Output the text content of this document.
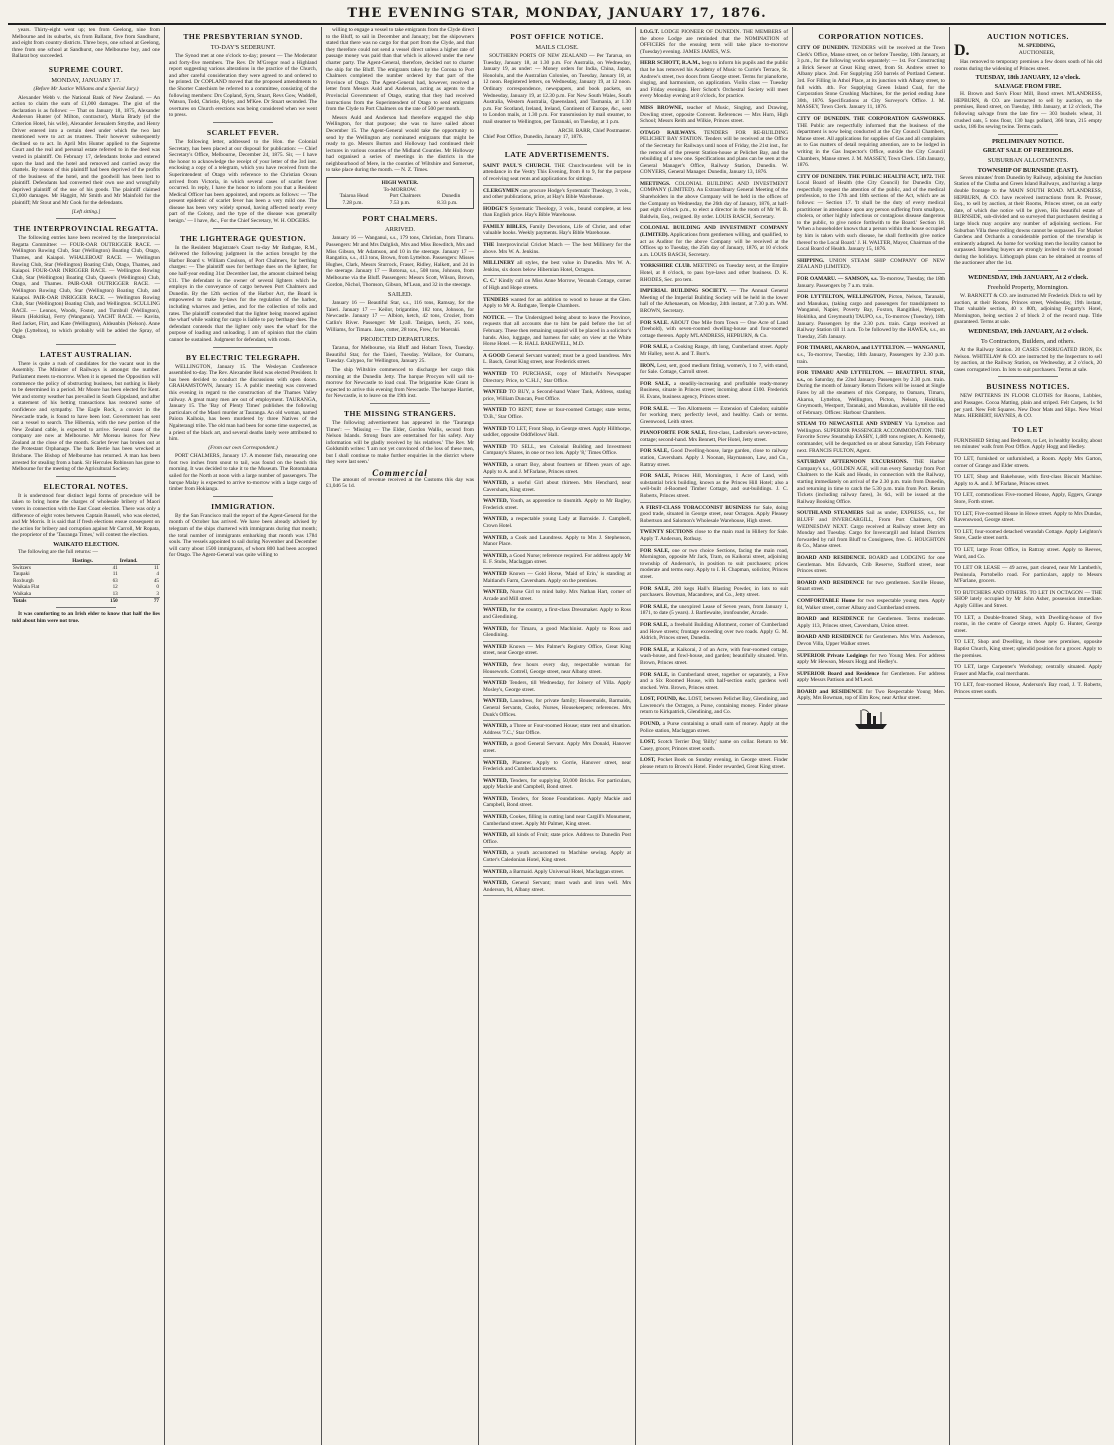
THE EVENING STAR, MONDAY, JANUARY 17, 1876.

years. Thirty-eight went up; ten from Geelong, nine from Melbourne and its suburbs, six from Ballarat, five from Sandhurst, and eight from country districts. Three boys, one school at Geelong, three from one school at Sandhurst, one Melbourne boy, and one Ballarat boy succeeded.

SUPREME COURT.
MONDAY, JANUARY 17.
(Before Mr Justice Williams and a Special Jury.)

Alexander Webb v. the National Bank of New Zealand. — An action to claim the sum of £1,000 damages. The gist of the declaration is as follows: — That on January 18, 1875, Alexander Anderson Hunter (of Milton, contractor), Maria Brady (of the Criterion Hotel, his wife), Alexander Jerusalem Smythe, and Henry Driver entered into a certain deed under which the two last mentioned were to act as trustees. Their however subsequently declined so to act. In April Mrs Hunter applied to the Supreme Court and the real and personal estate referred to in the deed was vested in plaintiff. On February 17, defendants broke and entered upon the land and the hotel and removed and carried away the chattels. By reason of this plaintiff had been deprived of the profits of the business of the hotel, and the goodwill has been lost to plaintiff. Defendants had converted their own use and wrongfully deprived plaintiff of the use of his goods. The plaintiff claimed £1,000 damages. Mr Haggitt, Mr Smith and Mr Mainfold for the plaintiff; Mr Stout and Mr Cook for the defendants.

[Left sitting.]
THE INTERPROVINCIAL REGATTA.

The following entries have been received by the Interprovincial Regatta Committee: — FOUR-OAR OUTRIGGER RACE. — Wellington Rowing Club, Star (Wellington) Boating Club, Otago, Thames, and Kaiapoi. WHALEBOAT RACE. — Wellington Rowing Club, Star (Wellington) Boating Club, Otago, Thames, and Kaiapoi. FOUR-OAR INRIGGER RACE. — Wellington Rowing Club, Star (Wellington) Boating Club, Queen's (Wellington) Club, Otago, and Thames. PAIR-OAR OUTRIGGER RACE. — Wellington Rowing Club, Star (Wellington) Boating Club, and Kaiapoi. PAIR-OAR INRIGGER RACE. — Wellington Rowing Club, Star (Wellington) Boating Club, and Wellington. SCULLING RACE. — Lennox, Woods, Foster, and Turnbull (Wellington), Hearn (Hokitika), Ferry (Wanganui). YACHT RACE. — Kavita, Red Jacket, Flirt, and Kate (Wellington), Aldeanbin (Nelson). Anne Ogle (Lyttelton), to which probably will be added the Spray, of Otago.

LATEST AUSTRALIAN.

There is quite a rush of candidates for the vacant seat in the Assembly. The Minister of Railways is amongst the number. Parliament meets to-morrow. When it is opened the Opposition will commence the policy of obstructing business, but nothing is likely to be determined in a period. Mr Moore has been elected for Kent. Wet and stormy weather has prevailed in South Gippsland, and after a statement of his betting transactions has restored some of confidence and sympathy. The Eagle Rock, a convict in the Newcastle trade, is found to have been lost. Government has sent out a vessel to search. The Hibernia, with the new portion of the New Zealand cable, is expected to arrive. Several cases of the company are now at Melbourne. Mr Moreau leaves for New Zealand at the close of the month. Scarlet fever has broken out at the Protestant Orphanage. The bark Bertie has been wrecked at Brisbane. The Bishop of Melbourne has returned. A man has been arrested for stealing from a bank. Sir Hercules Robinson has gone to Melbourne for the meeting of the Agricultural Society.

ELECTORAL NOTES.

It is understood four distinct legal forms of procedure will be taken to bring home the charges of wholesale bribery of Maori voters in connection with the East Coast election. There was only a difference of eight votes between Captain Russell, who was elected, and Mr Morris. It is said that if fresh elections ensue consequent on the action for bribery and corruption against Mr Carroll, Mr Ropata, the proprietor of the 'Tauranga Times,' will contest the election.

WAIKATO ELECTION.

The following are the full returns: —

	Hastings.	Ireland.
Switzers	41	11
Taupaki	11	4
Roxburgh	63	45
Waikaia Flat	12	0
Waikaka	13	3
Totals	150	77

It was comforting to an Irish elder to know that half the lies told about him were not true.

THE PRESBYTERIAN SYNOD.
TO-DAY'S SEDERUNT.

The Synod met at one o'clock to-day; present — The Moderator and forty-five members. The Rev. Dr M'Gregor read a Highland report suggesting various alterations in the practice of the Church, and after careful consideration they were agreed to and ordered to be printed. Dr COPLAND moved that the proposed amendments to the Shorter Catechism be referred to a committee, consisting of the following members: Drs Copland, Sym, Stuart, Revs Gow, Waddell, Watson, Todd, Christie, Ryley, and M'Kee. Dr Stuart seconded. The overtures on Church erections was being considered when we went to press.

SCARLET FEVER.

The following letter, addressed to the Hon. the Colonial Secretary, has been placed at our disposal for publication: — Chief Secretary's Office, Melbourne, December 24, 1875. Sir, — I have the honor to acknowledge the receipt of your letter of the 3rd inst. enclosing a copy of a telegram, which you have received from the Superintendent of Otago with reference to the Christian Ocean arrived from Victoria, in which several cases of scarlet fever occurred. In reply, I have the honor to inform you that a Resident Medical Officer has been appointed, and reports as follows: — 'The present epidemic of scarlet fever has been a very mild one. The disease has been very widely spread, having affected nearly every part of the Colony, and the type of the disease was generally benign.' — I have, &c., For the Chief Secretary, W. H. ODGERS.

THE LIGHTERAGE QUESTION.

In the Resident Magistrate's Court to-day Mr Bathgate, R.M., delivered the following judgment in the action brought by the Harbor Board v. William Coulson, of Port Chalmers, for berthing charges: — The plaintiff sues for berthage dues on the lighter, for one half-year ending 31st December last, the amount claimed being £11. The defendant is the owner of several lighters which he employs in the conveyance of cargo between Port Chalmers and Dunedin. By the 12th section of the Harbor Act, the Board is empowered to make by-laws for the regulation of the harbor, including wharves and jetties, and for the collection of tolls and rates. The plaintiff contended that the lighter being moored against the wharf while waiting for cargo is liable to pay berthage dues. The defendant contends that the lighter only uses the wharf for the purpose of loading and unloading. I am of opinion that the claim cannot be sustained. Judgment for defendant, with costs.

BY ELECTRIC TELEGRAPH.

WELLINGTON, January 15. The Wesleyan Conference assembled to-day. The Rev. Alexander Reid was elected President. It has been decided to conduct the discussions with open doors. GRAHAMSTOWN, January 15. A public meeting was convened this evening in regard to the construction of the Thames Valley railway. A great many men are out of employment. TAURANGA, January 15. The 'Bay of Plenty Times' publishes the following particulars of the Maori murder at Tauranga. An old woman, named Paiora Kaihoia, has been murdered by three Natives of the Ngaiterangi tribe. The old man had been for some time suspected, as a priest of the black art, and several deaths lately were attributed to him.

(From our own Correspondent.)

PORT CHALMERS, January 17. A monster fish, measuring one foot two inches from snout to tail, was found on the beach this morning. It was decided to take it to the Museum. The Rotomahana sailed for the North at noon with a large number of passengers. The barque Malay is expected to arrive to-morrow with a large cargo of timber from Hokianga.

IMMIGRATION.

By the San Francisco mail the report of the Agent-General for the month of October has arrived. We have been already advised by telegram of the ships chartered with immigrants during that month; the total number of immigrants embarking that month was 1784 souls. The vessels appointed to sail during November and December will carry about 1500 immigrants, of whom 800 had been accepted for Otago. The Agent-General was quite willing to

willing to engage a vessel to take emigrants from the Clyde direct to the Bluff, to sail in December and January; but the shipowners stated that there was no cargo for that port from the Clyde, and that they therefore could not send a vessel direct unless a higher rate of passage money was paid than that which is allowed under the new charter party. The Agent-General, therefore, decided not to charter the ship for the Bluff. The emigrants taken by the Corona to Port Chalmers completed the number ordered by that part of the Province of Otago. The Agent-General had, however, received a letter from Messrs Auld and Anderson, acting as agents to the Provincial Government of Otago, stating that they had received instructions from the Superintendent of Otago to send emigrants from the Clyde to Port Chalmers on the rate of 500 per month.

Messrs Auld and Anderson had therefore engaged the ship Wellington, for that purpose; she was to have sailed about December 15. The Agent-General would take the opportunity to send by the Wellington any nominated emigrants that might be ready to go. Messrs Burton and Holloway had continued their lectures in various counties of the Midland Counties. Mr Holloway had organised a series of meetings in the districts in the neighbourhood of Mere, in the counties of Wiltshire and Somerset, to take place during the month. — N. Z. Times.

HIGH WATER.
To-MORROW.
Taiaroa Head	Port Chalmers	Dunedin
7.28 p.m.	7.53 p.m.	8.33 p.m.
PORT CHALMERS.
ARRIVED.

January 16 — Wanganui, s.s., 179 tons, Christian, from Timaru. Passengers: Mr and Mrs Dalglish, Mrs and Miss Bowditch, Mrs and Miss Gibson, Mr Adamson, and 10 in the steerage. January 17 — Rangatira, s.s., 413 tons, Brown, from Lyttelton. Passengers: Misses Hughes, Clark, Messrs Sturrock, Fraser, Ridley, Halkett, and 24 in the steerage. January 17 — Rotorua, s.s., 508 tons, Johnson, from Melbourne via the Bluff. Passengers: Messrs Scott, Wilson, Brown, Gordon, Nichol, Thomson, Gibson, M'Lean, and 32 in the steerage.

SAILED.

January 16 — Beautiful Star, s.s., 116 tons, Ramsay, for the Taieri. January 17 — Keilor, brigantine, 182 tons, Johnson, for Newcastle. January 17 — Albion, ketch, 42 tons, Crozier, from Catlin's River. Passenger: Mr Lyall. Tanigan, ketch, 25 tons, Williams, for Timaru. Jane, cutter, 28 tons, Frew, for Moeraki.

PROJECTED DEPARTURES.

Tararua, for Melbourne, via Bluff and Hobart Town, Tuesday. Beautiful Star, for the Taieri, Tuesday. Wallace, for Oamaru, Tuesday. Calypso, for Wellington, January 25.

The ship Wiltshire commenced to discharge her cargo this morning at the Dunedin Jetty. The barque Procyon will sail to-morrow for Newcastle to load coal. The brigantine Kate Grant is expected to arrive this evening from Newcastle. The barque Harriet, for Newcastle, is to leave on the 19th inst.

THE MISSING STRANGERS.

The following advertisement has appeared in the 'Tauranga Times': — 'Missing — The Elder, Gordon Wallis, second from Nelson Islands. Strong fears are entertained for his safety. Any information will be gladly received by his relatives.' The Rev. Mr Goldsmith writes: 'I am not yet convinced of the loss of these men, but I shall continue to make further enquiries in the district where they were last seen.'

Commercial

The amount of revenue received at the Customs this day was £1,046 5s 1d.

POST OFFICE NOTICE.
MAILS CLOSE.

SOUTHERN PORTS OF NEW ZEALAND — Per Tararua, on Tuesday, January 18, at 1.30 p.m. For Australia, on Wednesday, January 19, as under: — Money orders for India, China, Japan, Honolulu, and the Australian Colonies, on Tuesday, January 18, at 12 noon. Registered letters, on Wednesday, January 19, at 12 noon. Ordinary correspondence, newspapers, and book packets, on Wednesday, January 19, at 12.30 p.m. For New South Wales, South Australia, Western Australia, Queensland, and Tasmania, at 1.30 p.m. For Scotland, Ireland, Ireland, Continent of Europe, &c., sent to London mails, at 1.30 p.m. For transmission by mail steamer, to mail steamer to Wellington, per Taranaki, on Tuesday, at 1 p.m.

ARCH. BARR, Chief Postmaster.
Chief Post Office, Dunedin, January 17, 1876.
LATE ADVERTISEMENTS.
SAINT PAUL'S CHURCH. THE Churchwardens will be in attendance in the Vestry This Evening, from 8 to 9, for the purpose of receiving seat rents and applications for sittings.
CLERGYMEN can procure Hodge's Systematic Theology, 3 vols., and other publications, price, at Hay's Bible Warehouse.
HODGE'S Systematic Theology, 3 vols., bound complete, at less than English price. Hay's Bible Warehouse.
FAMILY BIBLES, Family Devotions, Life of Christ, and other valuable books. Weekly payments. Hay's Bible Warehouse.
THE Interprovincial Cricket Match — The best Millinery for the above. Mrs W. A. Jenkins.
MILLINERY all styles, the best value in Dunedin. Mrs W. A. Jenkins, six doors below Hibernian Hotel, Octagon.
C. C.' Kindly call on Miss Anne Morrow, Veranah Cottage, corner of High and Hope streets.
TENDERS wanted for an addition to wood to house at the Glen. Apply to Mr A. Bathgate, Temple Chambers.
NOTICE. — The Undersigned being about to leave the Province, requests that all accounts due to him be paid before the 1st of February. These then remaining unpaid will be placed in a solicitor's hands. Also, luggage, and harness for sale; on view at the White Horse Hotel. — R. HALL BAKEWELL, M.D.
A GOOD General Servant wanted; must be a good laundress. Mrs L. Basch, Great King street, near Frederick street.
WANTED TO PURCHASE, copy of Mitchell's Newspaper Directory. Price, to 'C.H.J.,' Star Office.
WANTED TO BUY, a Second-hand Water Tank, Address, stating price, William Duncan, Post Office.
WANTED TO RENT, three or four-roomed Cottage; state terms, 'D.B.,' Star Office.
WANTED TO LET, Front Shop, in George street. Apply Hillthorpe, saddler, opposite Oddfellows' Hall.
WANTED TO SELL, ten Colonial Building and Investment Company's Shares, in one or two lots. Apply '8,' Times Office.
WANTED, a smart Boy, about fourteen or fifteen years of age. Apply to A. and J. M'Farlane, Princes street.
WANTED, a useful Girl about thirteen. Mrs Henchard, near Caversham, King street.
WANTED, Youth, as apprentice to tinsmith. Apply to Mr Bagley, Frederick street.
WANTED, a respectable young Lady at Barnside. J. Campbell, Crown Hotel.
WANTED, a Cook and Laundress. Apply to Mrs J. Stephenson, Manor Place.
WANTED, a Good Nurse; reference required. For address apply Mr E. F. Stubs, Maclaggan street.
WANTED Known — Gold Horse, 'Maid of Erin,' is standing at Maitland's Farm, Caversham. Apply on the premises.
WANTED, Nurse Girl to mind baby. Mrs Nathan Hart, corner of Arcade and Mill street.
WANTED, for the country, a first-class Dressmaker. Apply to Ross and Glendining.
WANTED, for Timaru, a good Machinist. Apply to Ross and Glendining.
WANTED Known — Mrs Palmer's Registry Office, Great King street, near George street.
WANTED, few hours every day, respectable woman for Housework. Cottrell, George street, near Albany street.
WANTED Tenders, till Wednesday, for Joinery of Villa. Apply Mosley's, George street.
WANTED, Laundress, for private family; Housemaids, Barmaids, General Servants, Cooks, Nurses, Housekeepers; references. Mrs Dunk's Offices.
WANTED, a Three or Four-roomed House; state rent and situation. Address '7.C.,' Star Office.
WANTED, a good General Servant. Apply Mrs Donald, Hanover street.
WANTED, Plasterer. Apply to Gorrie, Hanover street, near Frederick and Cumberland streets.
WANTED, Tenders, for supplying 50,000 Bricks. For particulars, apply Mackie and Campbell, Bond street.
WANTED, Tenders, for Stone Foundations. Apply Mackie and Campbell, Bond street.
WANTED, Cookes, filling in cutting land near Cargill's Monument, Cumberland street. Apply Mr Palmer, King street.
WANTED, all kinds of Fruit; state price. Address to Dunedin Post Office.
WANTED, a youth accustomed to Machine sewing. Apply at Cotter's Caledonian Hotel, King street.
WANTED, a Barmaid. Apply Universal Hotel, Maclaggan street.
WANTED, General Servant; must wash and iron well. Mrs Anderson, 94, Albany street.
I.O.G.T. LODGE PIONEER OF DUNEDIN. THE MEMBERS of the above Lodge are reminded that the NOMINATION of OFFICERS for the ensuing term will take place to-morrow (Tuesday) evening. JAMES JAMES, W.S.
HERR SCHOTT, R.A.M., begs to inform his pupils and the public that he has removed his Academy of Music to Currie's Terrace, St. Andrew's street, two doors from George street. Terms for pianoforte, singing, and harmonium, on application. Violin class — Tuesday and Friday evenings. Herr Schott's Orchestral Society will meet every Monday evening at 8 o'clock, for practice.
MISS BROWNE, teacher of Music, Singing, and Drawing, Dowling street, opposite Convent. References — Mrs Hurn, High School; Messrs Reith and Wilkie, Princes street.
OTAGO RAILWAYS. TENDERS FOR RE-BUILDING PELICHET BAY STATION. Tenders will be received at the Office of the Secretary for Railways until noon of Friday, the 21st inst., for the removal of the present Station-house at Pelichet Bay, and the rebuilding of a new one. Specifications and plans can be seen at the General Manager's Office, Railway Station, Dunedin. W. CONYERS, General Manager. Dunedin, January 13, 1876.
MEETINGS. COLONIAL BUILDING AND INVESTMENT COMPANY (LIMITED). An Extraordinary General Meeting of the Shareholders in the above Company will be held in the offices of the Company on Wednesday, the 26th day of January, 1876, at half-past eight o'clock p.m., to elect a director in the room of Mr W. B. Baldwin, Esq., resigned. By order. LOUIS BASCH, Secretary.
COLONIAL BUILDING AND INVESTMENT COMPANY (LIMITED). Applications from gentlemen willing, and qualified, to act as Auditor for the above Company will be received at the Offices up to Tuesday, the 25th day of January, 1876, at 10 o'clock a.m. LOUIS BASCH, Secretary.
YORKSHIRE CLUB. MEETING on Tuesday next, at the Empire Hotel, at 8 o'clock, to pass bye-laws and other business. D. K. RHODES, Sec. pro tem.
IMPERIAL BUILDING SOCIETY. — The Annual General Meeting of the Imperial Building Society will be held in the lower hall of the Athenaeum, on Monday, 24th instant, at 7.30 p.m. WM. BROWN, Secretary.
FOR SALE. ABOUT One Mile from Town — One Acre of Land (freehold), with seven-roomed dwelling-house and four-roomed cottage thereon. Apply M'LANDRESS, HEPBURN, & Co.
FOR SALE, a Cooking Range, 4ft long, Cumberland street. Apply Mr Halley, next A. and T. Burt's.
IRON, Lest, sett, good medium fitting, women's, 1 to 7, with stand, for Sale. Cottage, Carroll street.
FOR SALE, a steadily-increasing and profitable ready-money Business, situate in Princes street; incoming about £100. Frederick H. Evans, business agency, Princes street.
FOR SALE. — Ten Allotments — Extension of Caledon; suitable for working men; perfectly level, and healthy. Cash or terms. Greenwood, Leith street.
PIANOFORTE FOR SALE, first-class, Ladbroke's seven-octave, cottage; second-hand. Mrs Bennett, Pier Hotel, Jetty street.
FOR SALE, Good Dwelling-house, large garden, close to railway station, Caversham. Apply J. Noonan, Haymanson, Law, and Co., Rattray street.
FOR SALE, Princes Hill, Mornington, 1 Acre of Land, with substantial brick building, known as the Princes Hill Hotel; also a well-built 4-Roomed Timber Cottage, and out-buildings. J. C. Roberts, Princes street.
A FIRST-CLASS TOBACCONIST BUSINESS for Sale, doing good trade, situated in George street, near Octagon. Apply Pleasey Robertson and Salomon's Wholesale Warehouse, High street.
TWENTY SECTIONS close to the main road in Hillery for Sale. Apply T. Anderson, Rothsay.
FOR SALE, one or two choice Sections, facing the main road, Mornington, opposite Mr Jack, Tram, on Kaikorai street, adjoining township of Anderson's, in position to suit purchasers; prices moderate and terms easy. Apply to I. H. Chapman, solicitor, Princes street.
FOR SALE, 200 kegs Hall's Blasting Powder, in lots to suit purchasers. Bowman, Macandrew, and Co., Jetty street.
FOR SALE, the unexpired Lease of Seven years, from January 1, 1871, to date (5 years). J. Bartlewaite, ironfounder, Arcade.
FOR SALE, a freehold Building Allotment, corner of Cumberland and Howe streets; frontage exceeding over two roads. Apply G. M. Aldrich, Princes street, Dunedin.
FOR SALE, at Kaikorai, 2 of an Acre, with four-roomed cottage, wash-house, and fowl-house, and garden; beautifully situated. Wm. Brown, Princes street.
FOR SALE, in Cumberland street, together or separately, a Five and a Six Roomed House, with half-section each; gardens well stocked. Wm. Brown, Princes street.
LOST, FOUND, &c. LOST, between Pelichet Bay, Glendining, and Lawrence's the Octagon, a Purse, containing money. Finder please return to Kirkpatrick, Glendining, and Co.
FOUND, a Purse containing a small sum of money. Apply at the Police station, Maclaggan street.
LOST, Scotch Terrier Dog 'Billy;' name on collar. Return to Mr. Casey, grocer, Princes street south.
LOST, Pocket Book on Sunday evening, in George street. Finder please return to Brown's Hotel. Finder rewarded, Great King street.
CORPORATION NOTICES.
CITY OF DUNEDIN. TENDERS will be received at the Town Clerk's Office, Manse street, on or before Tuesday, 18th January, at 3 p.m., for the following works separately: — 1st. For Constructing a Brick Sewer at Great King street, from St. Andrew street to Albany place. 2nd. For Supplying 250 barrels of Portland Cement. 3rd. For Filling in Athol Place, at its junction with Albany street, to full width. 4th. For Supplying Green Island Coal, for the Corporation Stone Crushing Machines, for the period ending June 30th, 1876. Specifications at City Surveyor's Office. J. M. MASSEY, Town Clerk. January 11, 1876.
CITY OF DUNEDIN. THE CORPORATION GASWORKS. THE Public are respectfully informed that the business of the department is now being conducted at the City Council Chambers, Manse street. All applications for supplies of Gas and all complaints as to Gas matters of detail requiring attention, are to be lodged in writing in the Gas Inspector's Office, outside the City Council Chambers, Manse street. J. M. MASSEY, Town Clerk. 15th January, 1876.
CITY OF DUNEDIN. THE PUBLIC HEALTH ACT, 1872. THE Local Board of Health (the City Council) for Dunedin City, respectfully request the attention of the public, and of the medical profession, to the 17th and 18th sections of the Act, which are as follows: — Section 17. 'It shall be the duty of every medical practitioner in attendance upon any person suffering from smallpox, cholera, or other highly infectious or contagious disease dangerous to the public, to give notice forthwith to the Board.' Section 18. 'When a householder knows that a person within the house occupied by him is taken with such disease, he shall forthwith give notice thereof to the Local Board.' J. H. WALTER, Mayor, Chairman of the Local Board of Health. January 15, 1876.
SHIPPING. UNION STEAM SHIP COMPANY OF NEW ZEALAND (LIMITED).
FOR OAMARU. — SAMSON, s.s. To-morrow, Tuesday, the 18th January. Passengers by 7 a.m. train.
FOR LYTTELTON, WELLINGTON, Picton, Nelson, Taranaki, and Manukau, (taking cargo and passengers for transhipment to Wanganui, Napier, Poverty Bay, Foxton, Rangitikei, Westport, Hokitika, and Greymouth) TAUPO, s.s., To-morrow (Tuesday), 18th January. Passengers by the 2.30 p.m. train. Cargo received at Railway Station till 11 a.m. To be followed by the HAWEA, s.s., on Tuesday, 25th January.
FOR TIMARU, AKAROA, and LYTTELTON. — WANGANUI, s.s., To-morrow, Tuesday, 18th January, Passengers by 2.30 p.m. train.
FOR TIMARU AND LYTTELTON. — BEAUTIFUL STAR, s.s., on Saturday, the 22nd January. Passengers by 2.30 p.m. train. During the month of January Return Tickets will be issued at Single Fares by all the steamers of this Company, to Oamaru, Timaru, Akaroa, Lyttelton, Wellington, Picton, Nelson, Hokitika, Greymouth, Westport, Taranaki, and Manukau, available till the end of February. Offices: Harbour Chambers.
STEAM TO NEWCASTLE AND SYDNEY Via Lyttelton and Wellington. SUPERIOR PASSENGER ACCOMMODATION. THE Favorite Screw Steamship EASBY, 1,489 tons register, A. Kennedy, commander, will be despatched on or about Saturday, 15th February next. FRANCIS FULTON, Agent.
SATURDAY AFTERNOON EXCURSIONS. THE Harbor Company's s.s., GOLDEN AGE, will run every Saturday from Port Chalmers to the Kaik and Heads, in connection with the Railway, starting immediately on arrival of the 2.30 p.m. train from Dunedin, and returning in time to catch the 5.30 p.m. train from Port. Return Tickets (including railway fares), 3s 6d., will be issued at the Railway Booking Office.
SOUTHLAND STEAMERS Sail as under, EXPRESS, s.s., for BLUFF and INVERCARGILL, From Port Chalmers, ON WEDNESDAY NEXT. Cargo received at Railway street Jetty on Monday and Tuesday. Cargo for Invercargill and Inland Districts forwarded by rail from Bluff to Consignees, free. G. HOUGHTON & Co., Manse street.
BOARD AND RESIDENCE. BOARD and LODGING for one Gentleman. Mrs Edwards, Crib Reserve, Stafford street, near Princes street.
BOARD AND RESIDENCE for two gentlemen. Saville House, Stuart street.
COMFORTABLE Home for two respectable young men. Apply 84, Walker street, corner Albany and Cumberland streets.
BOARD and RESIDENCE for Gentlemen. Terms moderate. Apply 113, Princes street, Caversham, Union street.
BOARD AND RESIDENCE for Gentlemen. Mrs Wm. Anderson, Devon Villa, Upper Walker street.
SUPERIOR Private Lodgings for two Young Men. For address apply Mr Hewson, Messrs Hogg and Hedley's.
SUPERIOR Board and Residence for Gentlemen. For address apply Messrs Pattison and M'Leod.
BOARD and RESIDENCE for Two Respectable Young Men. Apply, Mrs Bowman, top of Elm Row, near Arthur street.
AUCTION NOTICES.
D.	M. SPEDDING,
AUCTIONEER,

Has removed to temporary premises a few doors south of his old rooms during the widening of Princes street.

TUESDAY, 18th JANUARY, 12 o'clock.
SALVAGE FROM FIRE.

H. Brown and Son's Flour Mill, Bond street. M'LANDRESS, HEPBURN, & CO. are instructed to sell by auction, on the premises, Bond street, on Tuesday, 18th January, at 12 o'clock, The following salvage from the late fire — 303 bushels wheat, 31 crushed oats, 5 tons flour, 130 bags pollard, 366 bran, 215 empty sacks, 186 lbs sewing twine. Terms cash.

PRELIMINARY NOTICE.
GREAT SALE OF FREEHOLDS.
SUBURBAN ALLOTMENTS.
TOWNSHIP OF BURNSIDE (EAST).

Seven minutes' from Dunedin by Railway, adjoining the Junction Station of the Clutha and Green Island Railways, and having a large double frontage to the MAIN SOUTH ROAD. M'LANDRESS, HEPBURN, & CO. have received instructions from R. Prosser, Esq., to sell by auction, at their Rooms, Princes street, on an early date, of which due notice will be given, His beautiful estate of BURNSIDE, sub-divided and so surveyed that purchasers desiring a large block may acquire any number of adjoining sections. For Suburban Villa these rolling downs cannot be surpassed. For Market Gardens and Orchards a considerable portion of the township is eminently adapted. As home for working men the locality cannot be surpassed. Intending buyers are strongly invited to visit the ground during the holidays. Lithograph plans can be obtained at rooms of the auctioneer after the 1st.

WEDNESDAY, 19th JANUARY, At 2 o'clock.
Freehold Property, Mornington.

W. BARNETT & CO. are instructed Mr Frederick Dick to sell by auction, at their Rooms, Princes street, Wednesday, 19th instant, That valuable section, 40 x 80ft, adjoining Fogarty's Hotel, Mornington, being section 2 of block 2 of the record map. Title guaranteed. Terms at sale.

WEDNESDAY, 19th JANUARY, At 2 o'clock.
To Contractors, Builders, and others.

At the Railway Station. 20 CASES CORRUGATED IRON, Ex Nelson. WHITELAW & CO. are instructed by the Inspectors to sell by auction, at the Railway Station, on Wednesday, at 2 o'clock, 20 cases corrugated iron. In lots to suit purchasers. Terms at sale.

BUSINESS NOTICES.

NEW PATTERNS IN FLOOR CLOTHS for Rooms, Lobbies, and Passages. Cocoa Matting, plain and striped. Felt Carpets, 1s 9d per yard. New Felt Squares. New Door Mats and Slips. New Wool Mats. HERBERT, HAYNES, & CO.

TO LET
FURNISHED Sitting and Bedroom, to Let, in healthy locality, about ten minutes' walk from Post Office. Apply Hogg and Hedley.
TO LET, furnished or unfurnished, a Room. Apply Mrs Garton, corner of Grange and Elder streets.
TO LET, Shop and Bakehouse, with first-class Biscuit Machine. Apply to A. and J. M'Farlane, Princes street.
TO LET, commodious Five-roomed House, Apply, Eggers, Grange Store, Forth street.
TO LET, Five-roomed House in Howe street. Apply to Mrs Dundas, Ravenswood, George street.
TO LET, four-roomed detached verandah Cottage. Apply Leighton's Store, Castle street north.
TO LET, large Front Office, in Rattray street. Apply to Reeves, Ward, and Co.
TO LET OR LEASE — 49 acres, part cleared, near Mr Lambeth's, Peninsula, Portobello road. For particulars, apply to Messrs M'Farlane, grocers.
TO BUTCHERS AND OTHERS. TO LET IN OCTAGON — THE SHOP lately occupied by Mr John Asher, possession immediate. Apply Gillies and Street.
TO LET, a Double-fronted Shop, with Dwelling-house of five rooms, in the centre of George street. Apply G. Hunter, George street.
TO LET, Shop and Dwelling, in those new premises, opposite Baptist Church, King street; splendid position for a grocer. Apply to the premises.
TO LET, large Carpenter's Workshop; centrally situated. Apply Fraser and Macfie, coal merchants.
TO LET, four-roomed House, Anderson's Bay road, J. T. Roberts, Princes street south.
